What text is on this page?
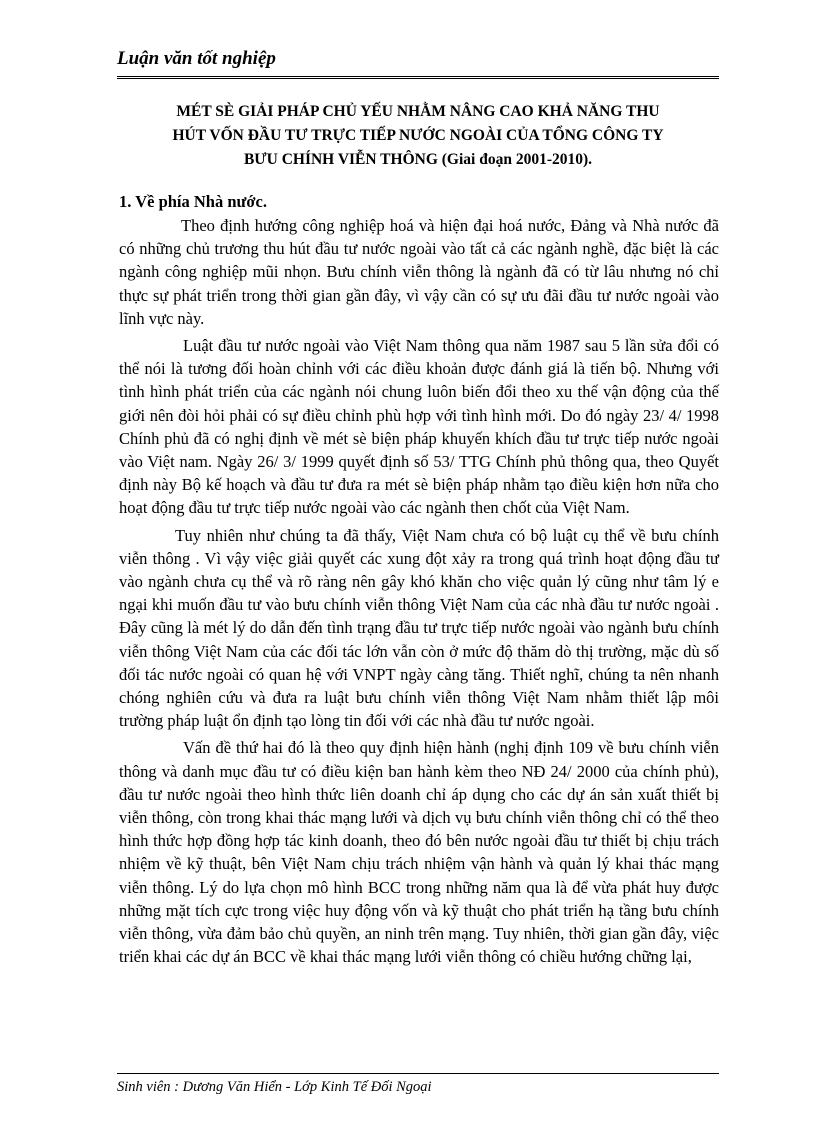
Luận văn tốt nghiệp
MÉT SÈ GIẢI PHÁP CHỦ YẾU NHẰM NÂNG CAO KHẢ NĂNG THU
HÚT VỐN ĐẦU TƯ TRỰC TIẾP NƯỚC NGOÀI CỦA TỔNG CÔNG TY
BƯU CHÍNH VIỄN THÔNG (Giai đoạn 2001-2010).
1. Về phía Nhà nước.

Theo định hướng công nghiệp hoá và hiện đại hoá nước, Đảng và Nhà nước đã có những chủ trương thu hút đầu tư nước ngoài vào tất cả các ngành nghề, đặc biệt là các ngành công nghiệp mũi nhọn. Bưu chính viễn thông là ngành đã có từ lâu nhưng nó chỉ thực sự phát triển trong thời gian gần đây, vì vậy cần có sự ưu đãi đầu tư nước ngoài vào lĩnh vực này.

Luật đầu tư nước ngoài vào Việt Nam thông qua năm 1987 sau 5 lần sửa đổi có thể nói là tương đối hoàn chỉnh với các điều khoản được đánh giá là tiến bộ. Nhưng với tình hình phát triển của các ngành nói chung luôn biến đổi theo xu thế vận động của thế giới nên đòi hỏi phải có sự điều chỉnh phù hợp với tình hình mới. Do đó ngày 23/ 4/ 1998 Chính phủ đã có nghị định về mét sè biện pháp khuyến khích đầu tư trực tiếp nước ngoài vào Việt nam. Ngày 26/ 3/ 1999 quyết định số 53/ TTG Chính phủ thông qua, theo Quyết định này Bộ kế hoạch và đầu tư đưa ra mét sè biện pháp nhằm tạo điều kiện hơn nữa cho hoạt động đầu tư trực tiếp nước ngoài vào các ngành then chốt của Việt Nam.

Tuy nhiên như chúng ta đã thấy, Việt Nam chưa có bộ luật cụ thể về bưu chính viễn thông . Vì vậy việc giải quyết các xung đột xảy ra trong quá trình hoạt động đầu tư vào ngành chưa cụ thể và rõ ràng nên gây khó khăn cho việc quản lý cũng như tâm lý e ngại khi muốn đầu tư vào bưu chính viễn thông Việt Nam của các nhà đầu tư nước ngoài . Đây cũng là mét lý do dẫn đến tình trạng đầu tư trực tiếp nước ngoài vào ngành bưu chính viễn thông Việt Nam của các đối tác lớn vẫn còn ở mức độ thăm dò thị trường, mặc dù số đối tác nước ngoài có quan hệ với VNPT ngày càng tăng. Thiết nghĩ, chúng ta nên nhanh chóng nghiên cứu và đưa ra luật bưu chính viễn thông Việt Nam nhằm thiết lập môi trường pháp luật ổn định tạo lòng tin đối với các nhà đầu tư nước ngoài.

Vấn đề thứ hai đó là theo quy định hiện hành (nghị định 109 về bưu chính viễn thông và danh mục đầu tư có điều kiện ban hành kèm theo NĐ 24/ 2000 của chính phủ), đầu tư nước ngoài theo hình thức liên doanh chỉ áp dụng cho các dự án sản xuất thiết bị viễn thông, còn trong khai thác mạng lưới và dịch vụ bưu chính viễn thông chỉ có thể theo hình thức hợp đồng hợp tác kinh doanh, theo đó bên nước ngoài đầu tư thiết bị chịu trách nhiệm về kỹ thuật, bên Việt Nam chịu trách nhiệm vận hành và quản lý khai thác mạng viễn thông. Lý do lựa chọn mô hình BCC trong những năm qua là để vừa phát huy được những mặt tích cực trong việc huy động vốn và kỹ thuật cho phát triển hạ tầng bưu chính viễn thông, vừa đảm bảo chủ quyền, an ninh trên mạng. Tuy nhiên, thời gian gần đây, việc triển khai các dự án BCC về khai thác mạng lưới viễn thông có chiều hướng chững lại,

Sinh viên : Dương Văn Hiển - Lớp Kinh Tế Đối Ngoại
